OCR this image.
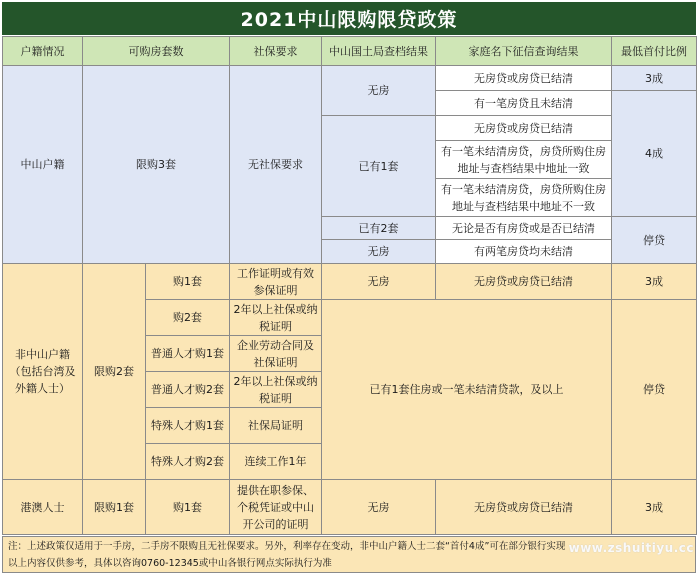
2021中山限购限贷政策
户籍情况	可购房套数		社保要求	中山国土局查档结果	家庭名下征信查询结果	最低首付比例
中山户籍	限购3套		无社保要求	无房	无房贷或房贷已结清	3成
					有一笔房贷且未结清	4成
				已有1套	无房贷或房贷已结清	
					有一笔未结清房贷，房贷所购住房地址与查档结果中地址一致	
					有一笔未结清房贷，房贷所购住房地址与查档结果中地址不一致	
				已有2套	无论是否有房贷或是否已结清	停贷
				无房	有两笔房贷均未结清	

非中山户籍（包括台湾及外籍人士）	限购2套	购1套	工作证明或有效参保证明	无房	无房贷或房贷已结清	3成
		购2套	2年以上社保或纳税证明	已有1套住房或一笔未结清贷款，及以上		停贷
		普通人才购1套	企业劳动合同及社保证明			
		普通人才购2套	2年以上社保或纳税证明			
		特殊人才购1套	社保局证明			
		特殊人才购2套	连续工作1年			
港澳人士	限购1套	购1套	提供在职参保、个税凭证或中山开公司的证明	无房	无房贷或房贷已结清	3成
注：上述政策仅适用于一手房，二手房不限购且无社保要求。另外，利率存在变动，非中山户籍人士二套“首付4成”可在部分银行实现
以上内容仅供参考，具体以咨询0760-12345或中山各银行网点实际执行为准
www.zshuitiyu.cc
